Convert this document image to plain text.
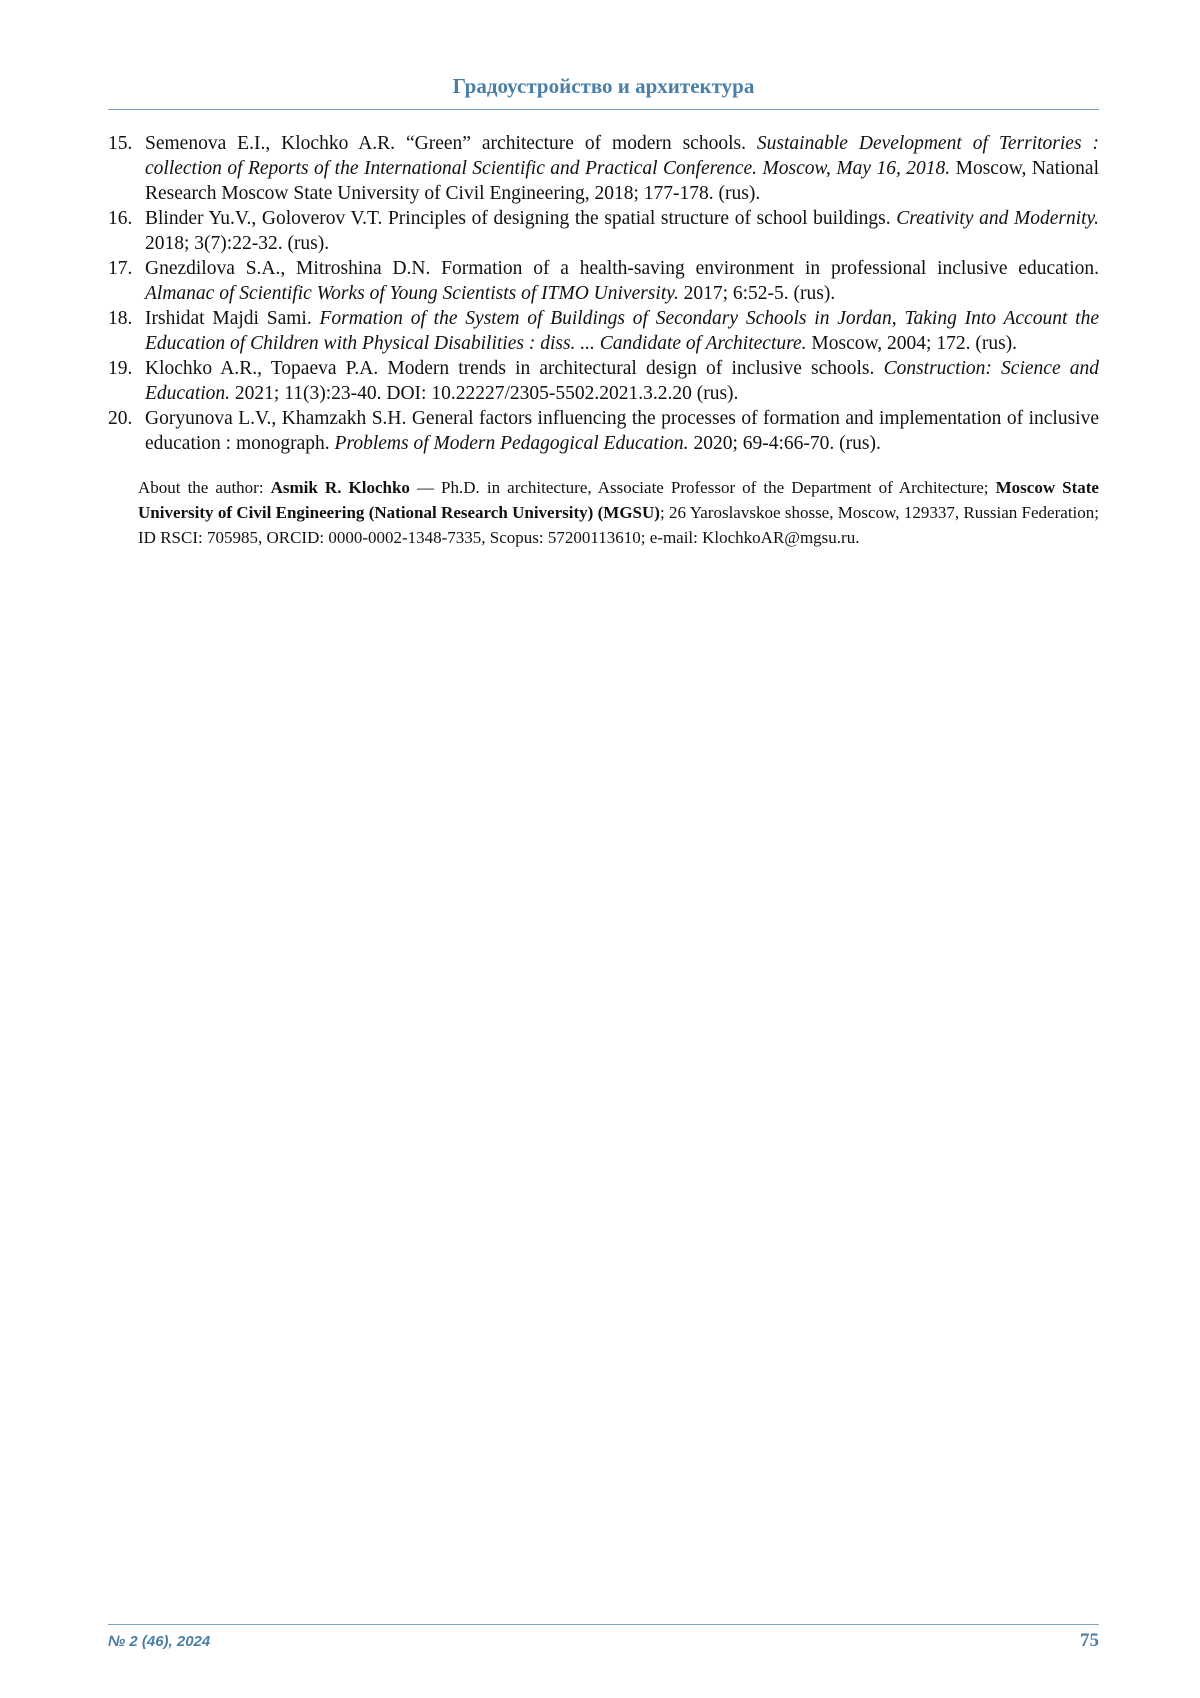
Градоустройство и архитектура
15. Semenova E.I., Klochko A.R. “Green” architecture of modern schools. Sustainable Development of Territories : collection of Reports of the International Scientific and Practical Conference. Moscow, May 16, 2018. Moscow, National Research Moscow State University of Civil Engineering, 2018; 177-178. (rus).
16. Blinder Yu.V., Goloverov V.T. Principles of designing the spatial structure of school buildings. Creativity and Modernity. 2018; 3(7):22-32. (rus).
17. Gnezdilova S.A., Mitroshina D.N. Formation of a health-saving environment in professional inclusive education. Almanac of Scientific Works of Young Scientists of ITMO University. 2017; 6:52-5. (rus).
18. Irshidat Majdi Sami. Formation of the System of Buildings of Secondary Schools in Jordan, Taking Into Account the Education of Children with Physical Disabilities : diss. ... Candidate of Architecture. Moscow, 2004; 172. (rus).
19. Klochko A.R., Topaeva P.A. Modern trends in architectural design of inclusive schools. Construction: Science and Education. 2021; 11(3):23-40. DOI: 10.22227/2305-5502.2021.3.2.20 (rus).
20. Goryunova L.V., Khamzakh S.H. General factors influencing the processes of formation and implementation of inclusive education : monograph. Problems of Modern Pedagogical Education. 2020; 69-4:66-70. (rus).
About the author: Asmik R. Klochko — Ph.D. in architecture, Associate Professor of the Department of Architecture; Moscow State University of Civil Engineering (National Research University) (MGSU); 26 Yaroslavskoe shosse, Moscow, 129337, Russian Federation; ID RSCI: 705985, ORCID: 0000-0002-1348-7335, Scopus: 57200113610; e-mail: KlochkoAR@mgsu.ru.
№ 2 (46), 2024	75
